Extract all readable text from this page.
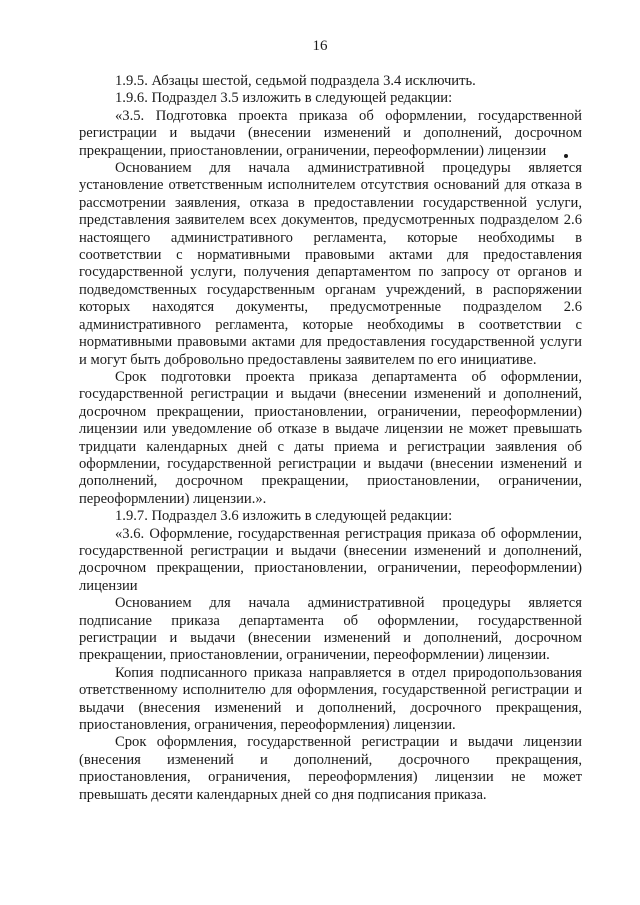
16

1.9.5. Абзацы шестой, седьмой подраздела 3.4 исключить.

1.9.6. Подраздел 3.5 изложить в следующей редакции:

«3.5. Подготовка проекта приказа об оформлении, государственной регистрации и выдачи (внесении изменений и дополнений, досрочном прекращении, приостановлении, ограничении, переоформлении) лицензии

Основанием для начала административной процедуры является установление ответственным исполнителем отсутствия оснований для отказа в рассмотрении заявления, отказа в предоставлении государственной услуги, представления заявителем всех документов, предусмотренных подразделом 2.6 настоящего административного регламента, которые необходимы в соответствии с нормативными правовыми актами для предоставления государственной услуги, получения департаментом по запросу от органов и подведомственных государственным органам учреждений, в распоряжении которых находятся документы, предусмотренные подразделом 2.6 административного регламента, которые необходимы в соответствии с нормативными правовыми актами для предоставления государственной услуги и могут быть добровольно предоставлены заявителем по его инициативе.

Срок подготовки проекта приказа департамента об оформлении, государственной регистрации и выдачи (внесении изменений и дополнений, досрочном прекращении, приостановлении, ограничении, переоформлении) лицензии или уведомление об отказе в выдаче лицензии не может превышать тридцати календарных дней с даты приема и регистрации заявления об оформлении, государственной регистрации и выдачи (внесении изменений и дополнений, досрочном прекращении, приостановлении, ограничении, переоформлении) лицензии.».

1.9.7. Подраздел 3.6 изложить в следующей редакции:

«3.6. Оформление, государственная регистрация приказа об оформлении, государственной регистрации и выдачи (внесении изменений и дополнений, досрочном прекращении, приостановлении, ограничении, переоформлении) лицензии

Основанием для начала административной процедуры является подписание приказа департамента об оформлении, государственной регистрации и выдачи (внесении изменений и дополнений, досрочном прекращении, приостановлении, ограничении, переоформлении) лицензии.

Копия подписанного приказа направляется в отдел природопользования ответственному исполнителю для оформления, государственной регистрации и выдачи (внесения изменений и дополнений, досрочного прекращения, приостановления, ограничения, переоформления) лицензии.

Срок оформления, государственной регистрации и выдачи лицензии (внесения изменений и дополнений, досрочного прекращения, приостановления, ограничения, переоформления) лицензии не может превышать десяти календарных дней со дня подписания приказа.
